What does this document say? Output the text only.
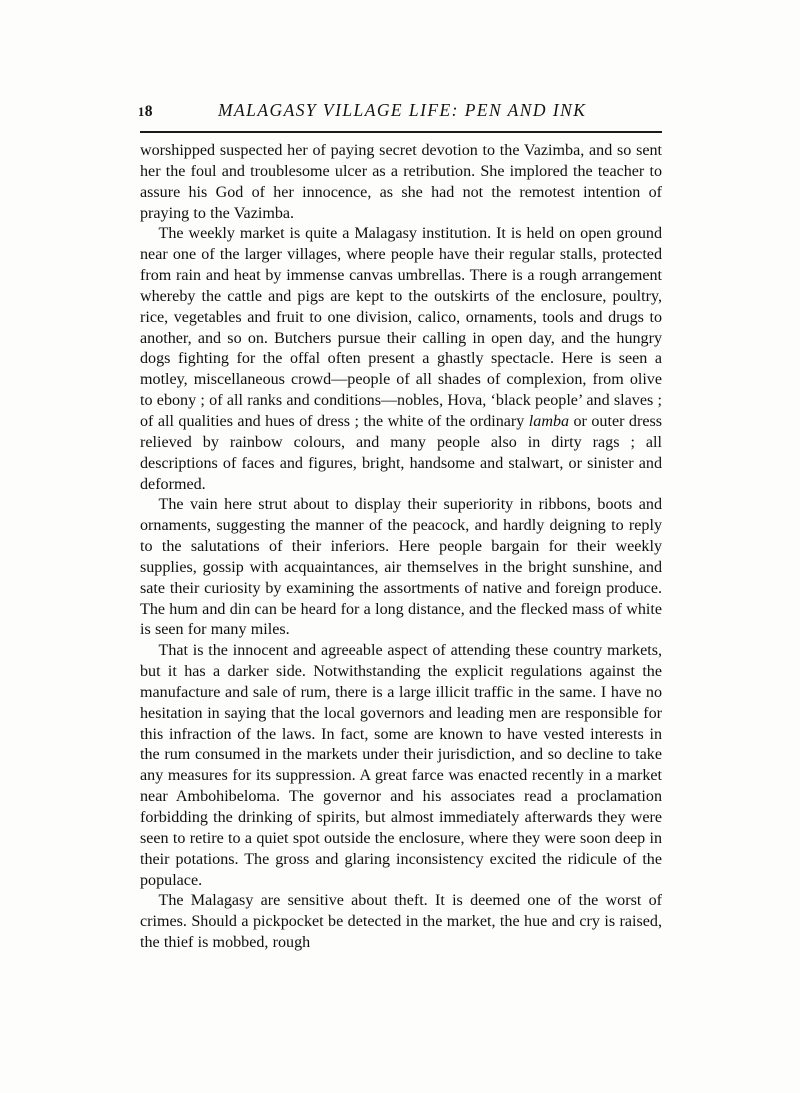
18	MALAGASY VILLAGE LIFE: PEN AND INK

worshipped suspected her of paying secret devotion to the Vazimba, and so sent her the foul and troublesome ulcer as a retribution. She implored the teacher to assure his God of her innocence, as she had not the remotest intention of praying to the Vazimba.

The weekly market is quite a Malagasy institution. It is held on open ground near one of the larger villages, where people have their regular stalls, protected from rain and heat by immense canvas umbrellas. There is a rough arrangement whereby the cattle and pigs are kept to the outskirts of the enclosure, poultry, rice, vegetables and fruit to one division, calico, ornaments, tools and drugs to another, and so on. Butchers pursue their calling in open day, and the hungry dogs fighting for the offal often present a ghastly spectacle. Here is seen a motley, miscellaneous crowd—people of all shades of complexion, from olive to ebony ; of all ranks and conditions—nobles, Hova, ‘black people’ and slaves ; of all qualities and hues of dress ; the white of the ordinary lamba or outer dress relieved by rainbow colours, and many people also in dirty rags ; all descriptions of faces and figures, bright, handsome and stalwart, or sinister and deformed.

The vain here strut about to display their superiority in ribbons, boots and ornaments, suggesting the manner of the peacock, and hardly deigning to reply to the salutations of their inferiors. Here people bargain for their weekly supplies, gossip with acquaintances, air themselves in the bright sunshine, and sate their curiosity by examining the assortments of native and foreign produce. The hum and din can be heard for a long distance, and the flecked mass of white is seen for many miles.

That is the innocent and agreeable aspect of attending these country markets, but it has a darker side. Notwithstanding the explicit regulations against the manufacture and sale of rum, there is a large illicit traffic in the same. I have no hesitation in saying that the local governors and leading men are responsible for this infraction of the laws. In fact, some are known to have vested interests in the rum consumed in the markets under their jurisdiction, and so decline to take any measures for its suppression. A great farce was enacted recently in a market near Ambohibeloma. The governor and his associates read a proclamation forbidding the drinking of spirits, but almost immediately afterwards they were seen to retire to a quiet spot outside the enclosure, where they were soon deep in their potations. The gross and glaring inconsistency excited the ridicule of the populace.

The Malagasy are sensitive about theft. It is deemed one of the worst of crimes. Should a pickpocket be detected in the market, the hue and cry is raised, the thief is mobbed, rough
